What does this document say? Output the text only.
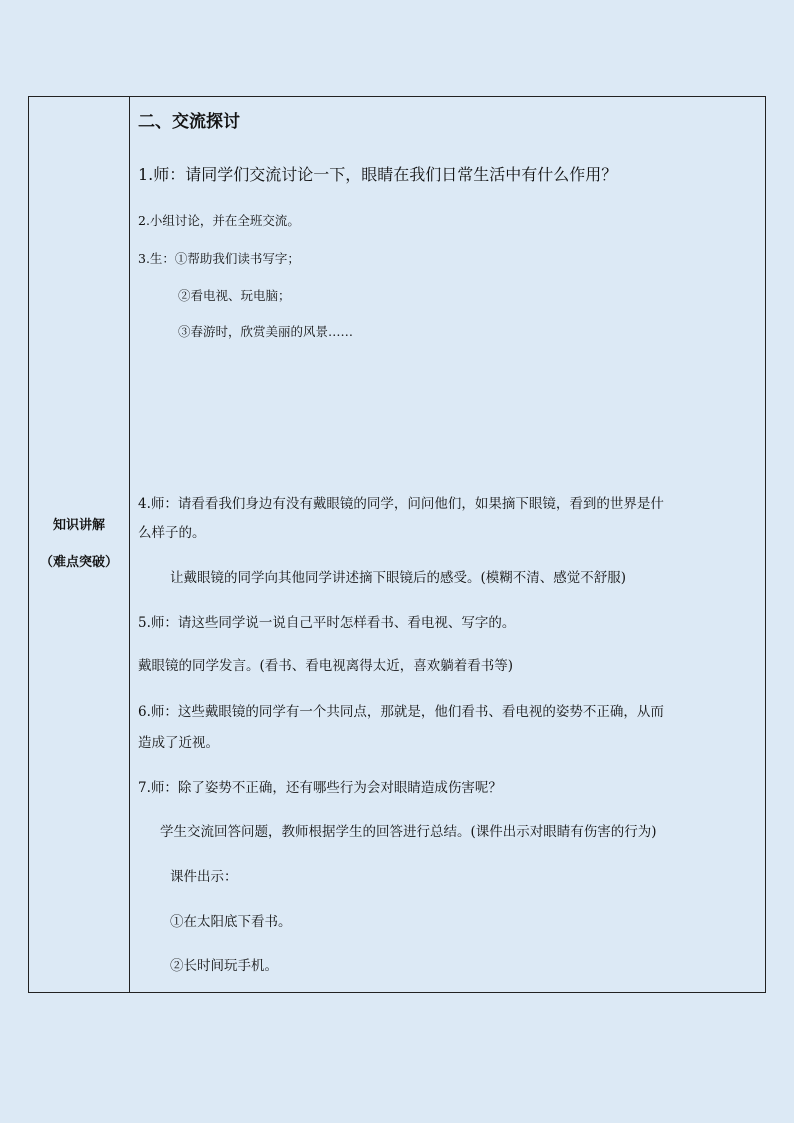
知识讲解
（难点突破）
二、交流探讨
1.师：请同学们交流讨论一下，眼睛在我们日常生活中有什么作用？
2.小组讨论，并在全班交流。
3.生：①帮助我们读书写字；
②看电视、玩电脑；
③春游时，欣赏美丽的风景……
4.师：请看看我们身边有没有戴眼镜的同学，问问他们，如果摘下眼镜，看到的世界是什
么样子的。
让戴眼镜的同学向其他同学讲述摘下眼镜后的感受。(模糊不清、感觉不舒服)
5.师：请这些同学说一说自己平时怎样看书、看电视、写字的。
戴眼镜的同学发言。(看书、看电视离得太近，喜欢躺着看书等)
6.师：这些戴眼镜的同学有一个共同点，那就是，他们看书、看电视的姿势不正确，从而
造成了近视。
7.师：除了姿势不正确，还有哪些行为会对眼睛造成伤害呢？
学生交流回答问题，教师根据学生的回答进行总结。(课件出示对眼睛有伤害的行为)
课件出示：
①在太阳底下看书。
②长时间玩手机。
